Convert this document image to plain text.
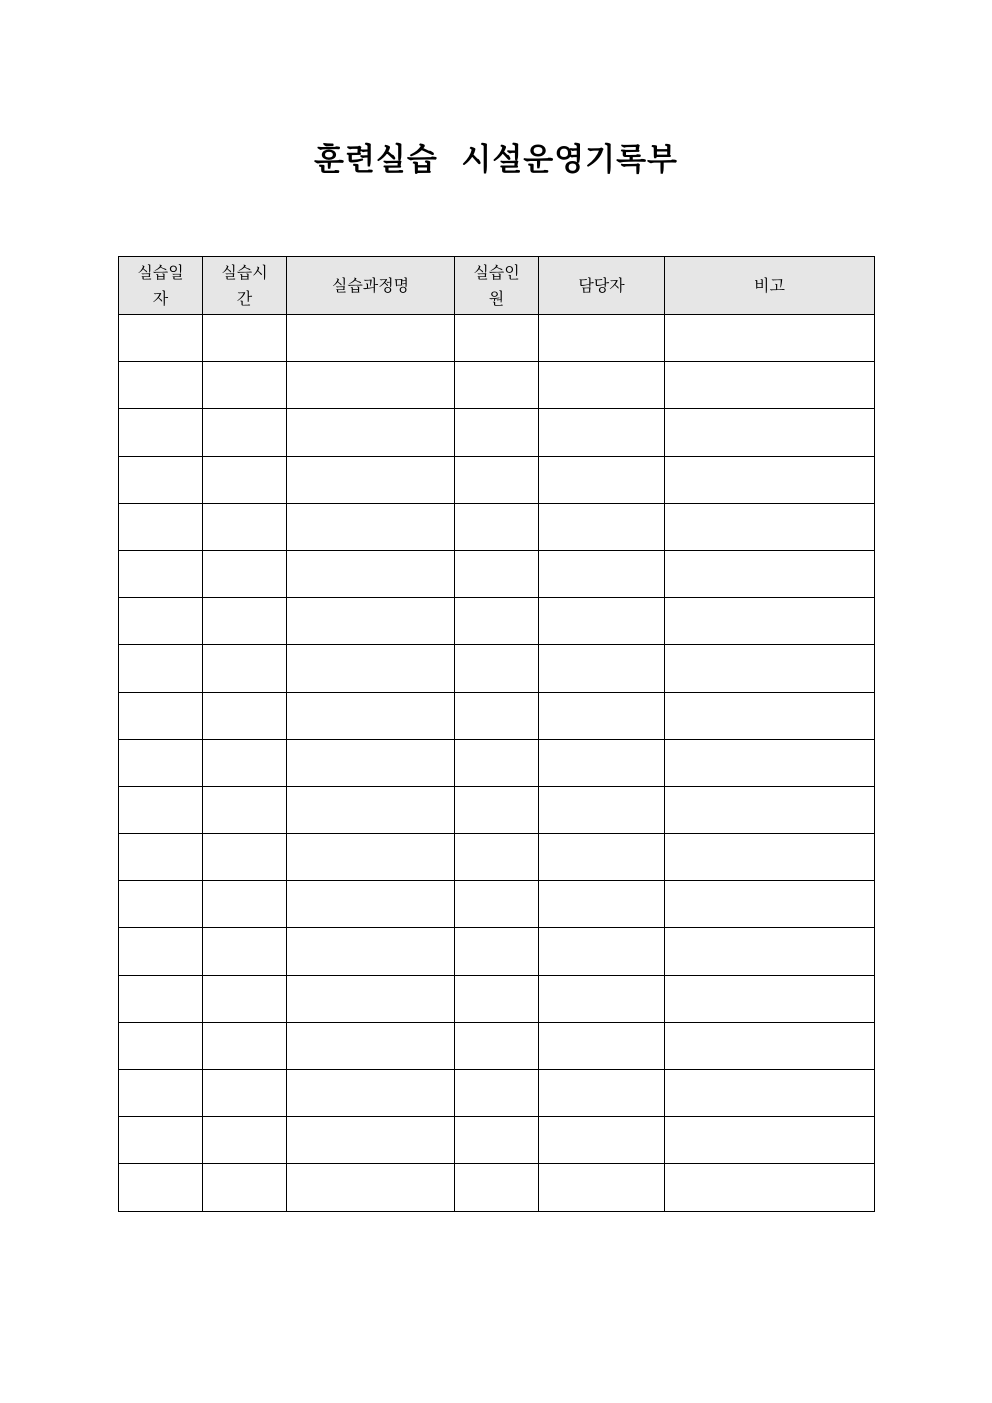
훈련실습  시설운영기록부
실습일자	실습시간	실습과정명	실습인원	담당자	비고
